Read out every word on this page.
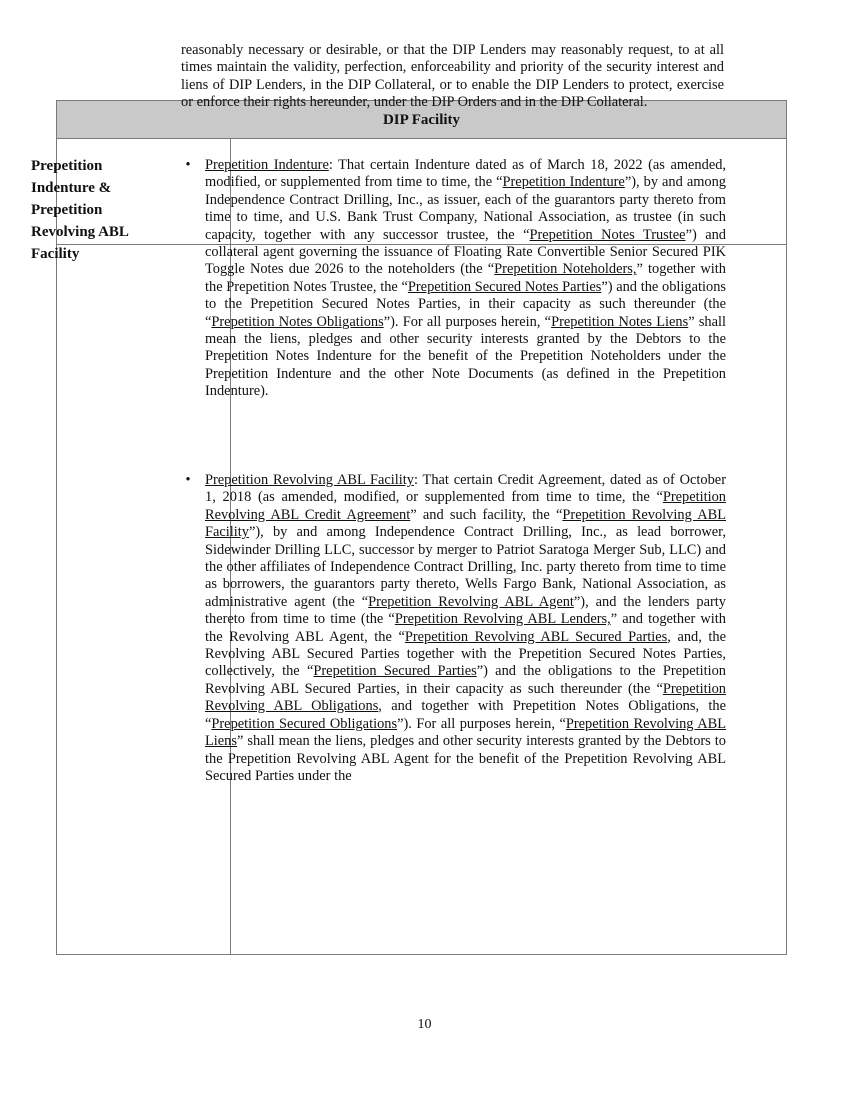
DIP Facility

reasonably necessary or desirable, or that the DIP Lenders may reasonably request, to at all times maintain the validity, perfection, enforceability and priority of the security interest and liens of DIP Lenders, in the DIP Collateral, or to enable the DIP Lenders to protect, exercise or enforce their rights hereunder, under the DIP Orders and in the DIP Collateral.

Prepetition Indenture & Prepetition Revolving ABL Facility

•	Prepetition Indenture: That certain Indenture dated as of March 18, 2022 (as amended, modified, or supplemented from time to time, the “Prepetition Indenture”), by and among Independence Contract Drilling, Inc., as issuer, each of the guarantors party thereto from time to time, and U.S. Bank Trust Company, National Association, as trustee (in such capacity, together with any successor trustee, the “Prepetition Notes Trustee”) and collateral agent governing the issuance of Floating Rate Convertible Senior Secured PIK Toggle Notes due 2026 to the noteholders (the “Prepetition Noteholders,” together with the Prepetition Notes Trustee, the “Prepetition Secured Notes Parties”) and the obligations to the Prepetition Secured Notes Parties, in their capacity as such thereunder (the “Prepetition Notes Obligations”). For all purposes herein, “Prepetition Notes Liens” shall mean the liens, pledges and other security interests granted by the Debtors to the Prepetition Notes Indenture for the benefit of the Prepetition Noteholders under the Prepetition Indenture and the other Note Documents (as defined in the Prepetition Indenture).

•	Prepetition Revolving ABL Facility: That certain Credit Agreement, dated as of October 1, 2018 (as amended, modified, or supplemented from time to time, the “Prepetition Revolving ABL Credit Agreement” and such facility, the “Prepetition Revolving ABL Facility”), by and among Independence Contract Drilling, Inc., as lead borrower, Sidewinder Drilling LLC, successor by merger to Patriot Saratoga Merger Sub, LLC) and the other affiliates of Independence Contract Drilling, Inc. party thereto from time to time as borrowers, the guarantors party thereto, Wells Fargo Bank, National Association, as administrative agent (the “Prepetition Revolving ABL Agent”), and the lenders party thereto from time to time (the “Prepetition Revolving ABL Lenders,” and together with the Revolving ABL Agent, the “Prepetition Revolving ABL Secured Parties, and, the Revolving ABL Secured Parties together with the Prepetition Secured Notes Parties, collectively, the “Prepetition Secured Parties”) and the obligations to the Prepetition Revolving ABL Secured Parties, in their capacity as such thereunder (the “Prepetition Revolving ABL Obligations, and together with Prepetition Notes Obligations, the “Prepetition Secured Obligations”). For all purposes herein, “Prepetition Revolving ABL Liens” shall mean the liens, pledges and other security interests granted by the Debtors to the Prepetition Revolving ABL Agent for the benefit of the Prepetition Revolving ABL Secured Parties under the

10
